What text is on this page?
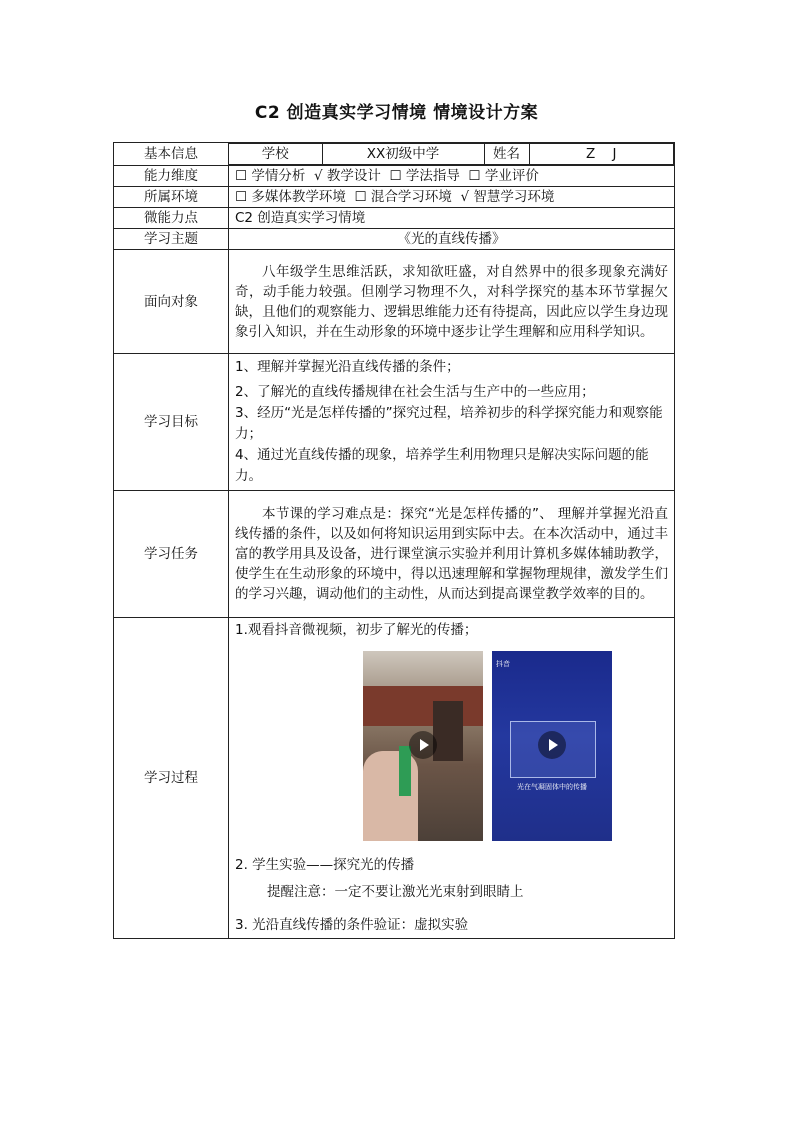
C2 创造真实学习情境 情境设计方案
基本信息		学校	XX初级中学	姓名	Z    J

能力维度	☐ 学情分析  √ 教学设计  ☐ 学法指导  ☐ 学业评价
所属环境	☐ 多媒体教学环境  ☐ 混合学习环境  √ 智慧学习环境
微能力点	C2 创造真实学习情境
学习主题	《光的直线传播》
面向对象	八年级学生思维活跃，求知欲旺盛，对自然界中的很多现象充满好奇，动手能力较强。但刚学习物理不久，对科学探究的基本环节掌握欠缺，且他们的观察能力、逻辑思维能力还有待提高，因此应以学生身边现象引入知识，并在生动形象的环境中逐步让学生理解和应用科学知识。
学习目标	

1、理解并掌握光沿直线传播的条件；

2、了解光的直线传播规律在社会生活与生产中的一些应用；

3、经历“光是怎样传播的”探究过程，培养初步的科学探究能力和观察能力；

4、通过光直线传播的现象，培养学生利用物理只是解决实际问题的能力。

学习任务	本节课的学习难点是：探究“光是怎样传播的”、 理解并掌握光沿直线传播的条件，以及如何将知识运用到实际中去。在本次活动中，通过丰富的教学用具及设备，进行课堂演示实验并利用计算机多媒体辅助教学，使学生在生动形象的环境中，得以迅速理解和掌握物理规律，激发学生们的学习兴趣，调动他们的主动性，从而达到提高课堂教学效率的目的。
学习过程	
1.观看抖音微视频，初步了解光的传播；
抖音
光在气凝固体中的传播
2. 学生实验——探究光的传播
提醒注意：一定不要让激光光束射到眼睛上
3. 光沿直线传播的条件验证：虚拟实验
